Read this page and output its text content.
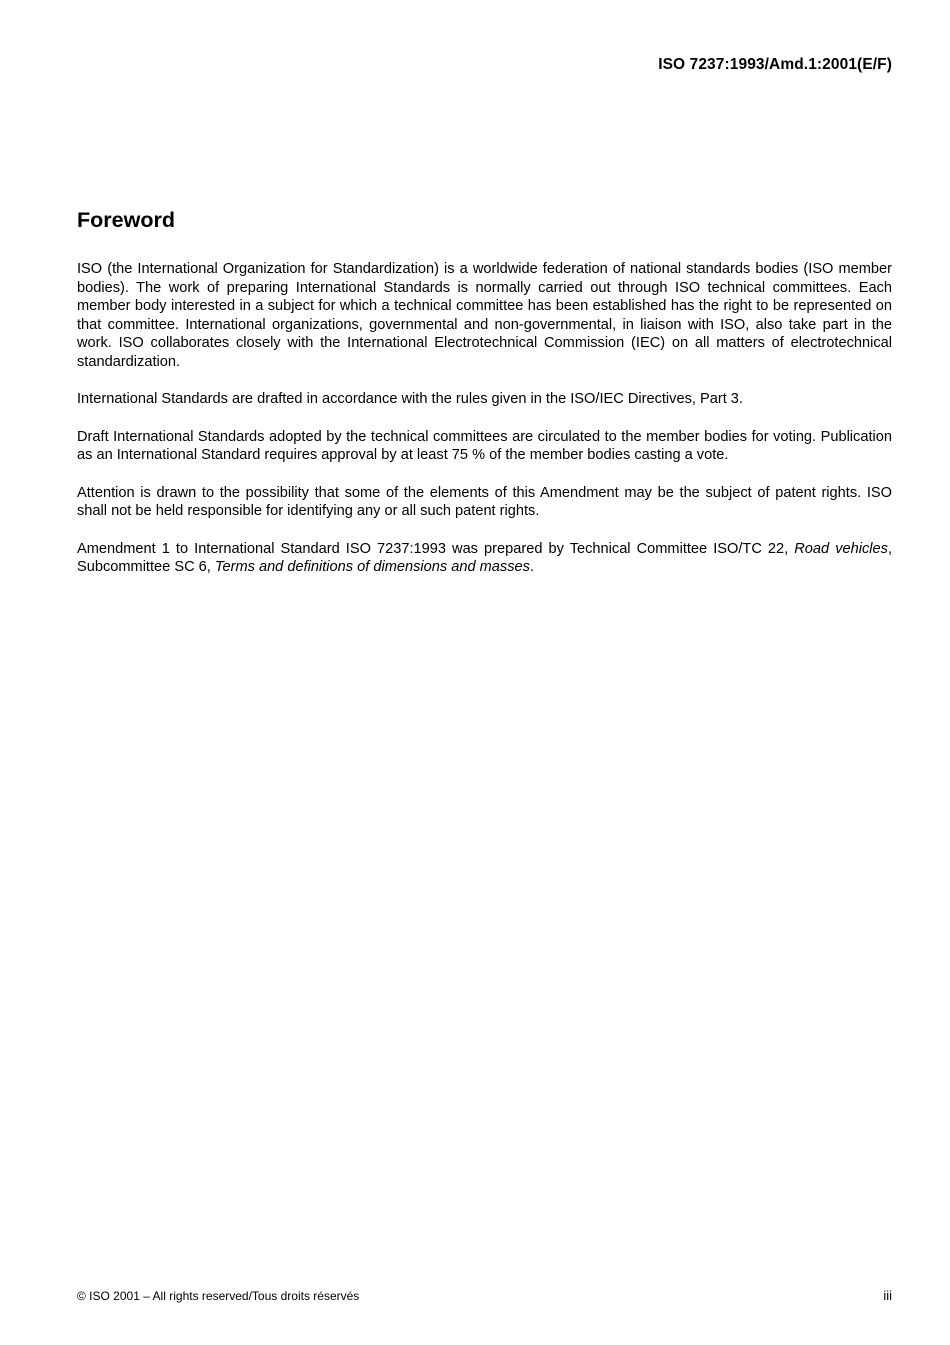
ISO 7237:1993/Amd.1:2001(E/F)
Foreword

ISO (the International Organization for Standardization) is a worldwide federation of national standards bodies (ISO member bodies). The work of preparing International Standards is normally carried out through ISO technical committees. Each member body interested in a subject for which a technical committee has been established has the right to be represented on that committee. International organizations, governmental and non-governmental, in liaison with ISO, also take part in the work. ISO collaborates closely with the International Electrotechnical Commission (IEC) on all matters of electrotechnical standardization.

International Standards are drafted in accordance with the rules given in the ISO/IEC Directives, Part 3.

Draft International Standards adopted by the technical committees are circulated to the member bodies for voting. Publication as an International Standard requires approval by at least 75 % of the member bodies casting a vote.

Attention is drawn to the possibility that some of the elements of this Amendment may be the subject of patent rights. ISO shall not be held responsible for identifying any or all such patent rights.

Amendment 1 to International Standard ISO 7237:1993 was prepared by Technical Committee ISO/TC 22, Road vehicles, Subcommittee SC 6, Terms and definitions of dimensions and masses.

© ISO 2001 – All rights reserved/Tous droits réservés	iii
